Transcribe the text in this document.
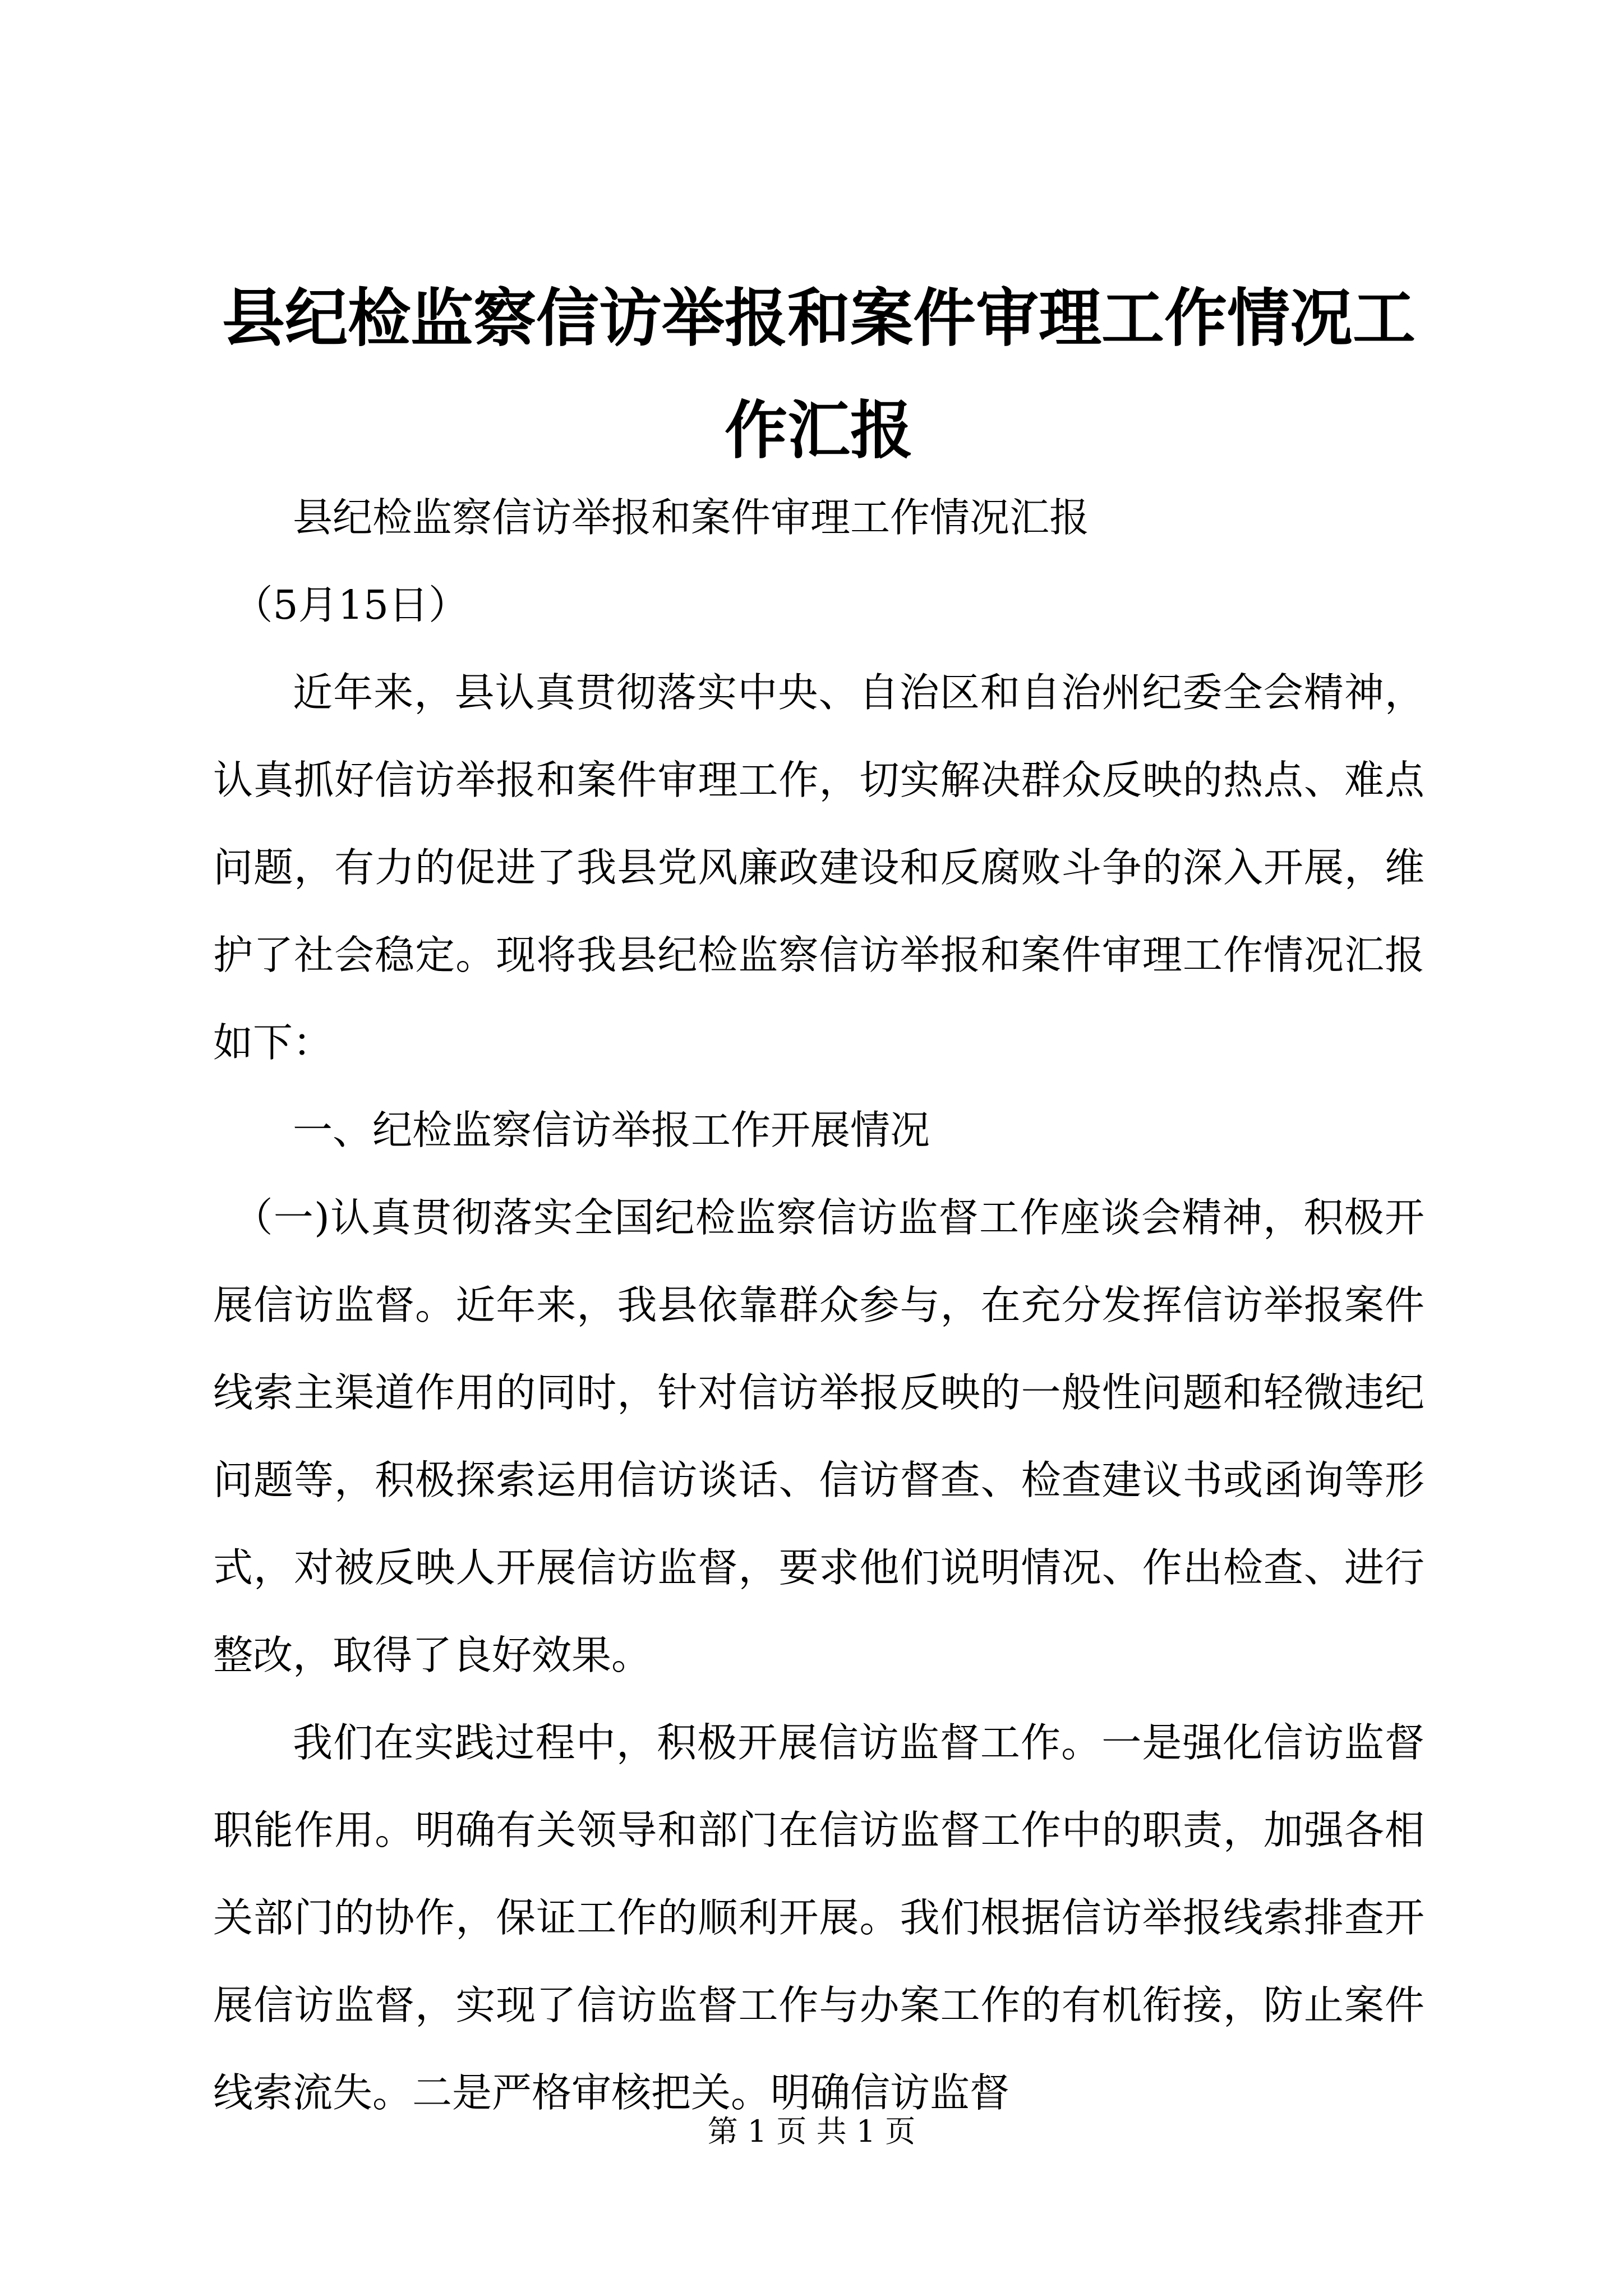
县纪检监察信访举报和案件审理工作情况工作汇报

县纪检监察信访举报和案件审理工作情况汇报

（5月15日）

近年来，县认真贯彻落实中央、自治区和自治州纪委全会精神，认真抓好信访举报和案件审理工作，切实解决群众反映的热点、难点问题，有力的促进了我县党风廉政建设和反腐败斗争的深入开展，维护了社会稳定。现将我县纪检监察信访举报和案件审理工作情况汇报如下：

一、纪检监察信访举报工作开展情况

（一)认真贯彻落实全国纪检监察信访监督工作座谈会精神，积极开展信访监督。近年来，我县依靠群众参与，在充分发挥信访举报案件线索主渠道作用的同时，针对信访举报反映的一般性问题和轻微违纪问题等，积极探索运用信访谈话、信访督查、检查建议书或函询等形式，对被反映人开展信访监督，要求他们说明情况、作出检查、进行整改，取得了良好效果。

我们在实践过程中，积极开展信访监督工作。一是强化信访监督职能作用。明确有关领导和部门在信访监督工作中的职责，加强各相关部门的协作，保证工作的顺利开展。我们根据信访举报线索排查开展信访监督，实现了信访监督工作与办案工作的有机衔接，防止案件线索流失。二是严格审核把关。明确信访监督

第 1 页 共 1 页
